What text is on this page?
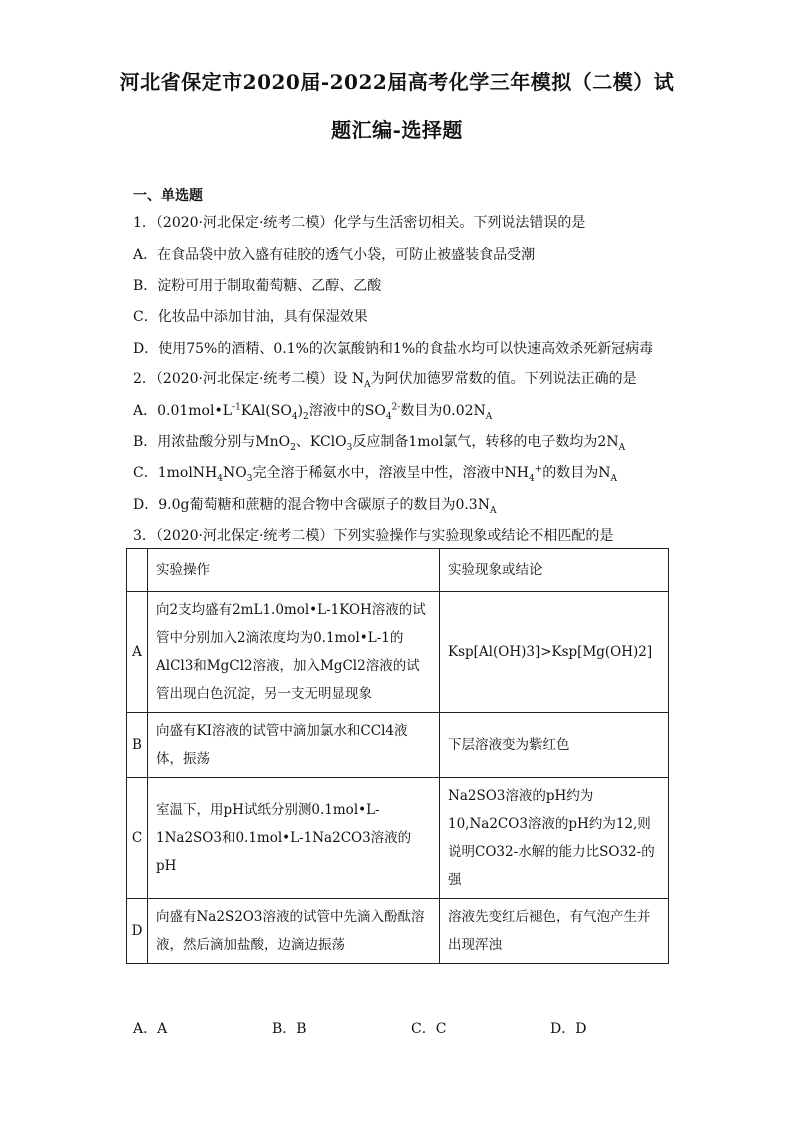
河北省保定市2020届-2022届高考化学三年模拟（二模）试
题汇编-选择题
一、单选题
1．（2020·河北保定·统考二模）化学与生活密切相关。下列说法错误的是
A．在食品袋中放入盛有硅胶的透气小袋，可防止被盛装食品受潮
B．淀粉可用于制取葡萄糖、乙醇、乙酸
C．化妆品中添加甘油，具有保湿效果
D．使用75%的酒精、0.1%的次氯酸钠和1%的食盐水均可以快速高效杀死新冠病毒
2．（2020·河北保定·统考二模）设 $N_A$为阿伏加德罗常数的值。下列说法正确的是
A．$0.01mol•L^{-1}KAl(SO_4)_2$溶液中的$SO_4^{2-}$数目为$0.02N_A$
B．用浓盐酸分别与MnO$_2$、KClO$_3$反应制备1mol氯气，转移的电子数均为$2N_A$
C．$1molNH_4NO_3$完全溶于稀氨水中，溶液呈中性，溶液中$NH_4^+$的数目为$N_A$
D．9.0g葡萄糖和蔗糖的混合物中含碳原子的数目为$0.3N_A$
3．（2020·河北保定·统考二模）下列实验操作与实验现象或结论不相匹配的是
	实验操作	实验现象或结论
A	向2支均盛有2mL1.0mol•L-1KOH溶液的试管中分别加入2滴浓度均为0.1mol•L-1的AlCl3和MgCl2溶液，加入MgCl2溶液的试管出现白色沉淀，另一支无明显现象	Ksp[Al(OH)3]>Ksp[Mg(OH)2]
B	向盛有KI溶液的试管中滴加氯水和CCl4液体，振荡	下层溶液变为紫红色
C	室温下，用pH试纸分别测0.1mol•L-1Na2SO3和0.1mol•L-1Na2CO3溶液的pH	Na2SO3溶液的pH约为10,Na2CO3溶液的pH约为12,则说明CO32-水解的能力比SO32-的强
D	向盛有Na2S2O3溶液的试管中先滴入酚酞溶液，然后滴加盐酸，边滴边振荡	溶液先变红后褪色，有气泡产生并出现浑浊
A．A	B．B	C．C	D．D
